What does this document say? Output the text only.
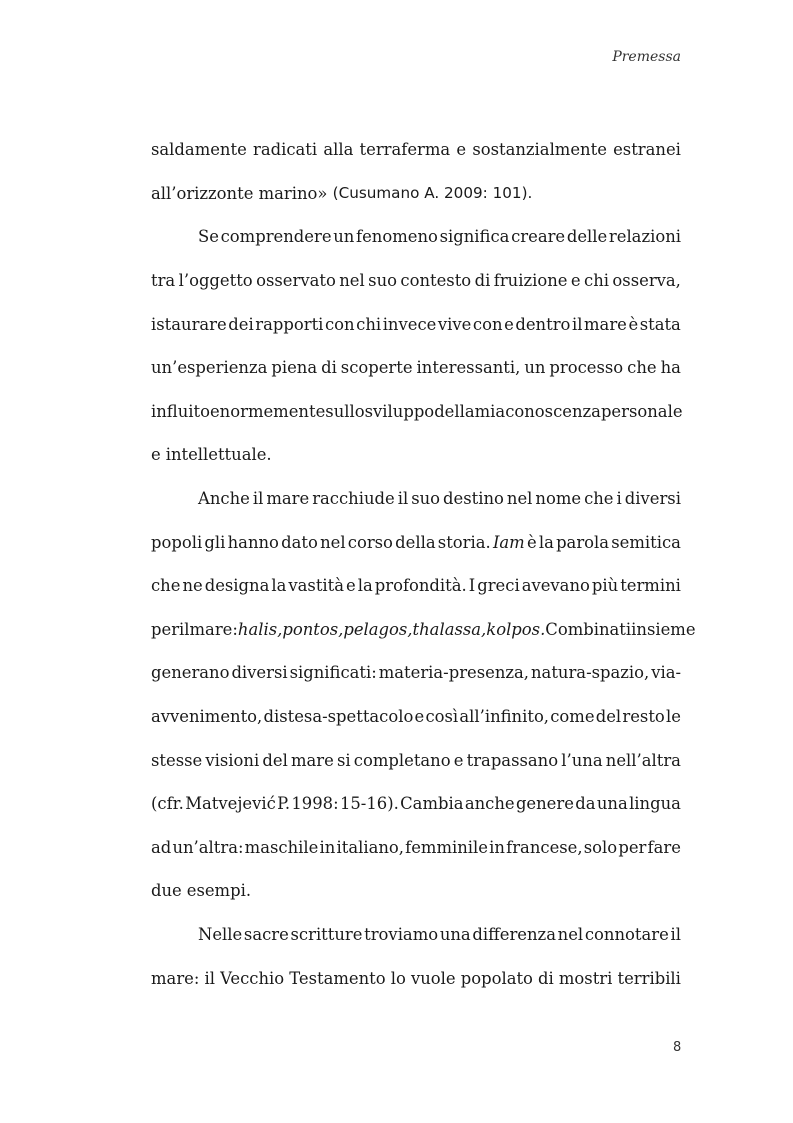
Premessa
saldamente radicati alla terraferma e sostanzialmente estranei
all’orizzonte marino» (Cusumano A. 2009: 101).
Se comprendere un fenomeno significa creare delle relazioni
tra l’oggetto osservato nel suo contesto di fruizione e chi osserva,
istaurare dei rapporti con chi invece vive con e dentro il mare è stata
un’esperienza piena di scoperte interessanti, un processo che ha
influito enormemente sullo sviluppo della mia conoscenza personale
e intellettuale.
Anche il mare racchiude il suo destino nel nome che i diversi
popoli gli hanno dato nel corso della storia. Iam è la parola semitica
che ne designa la vastità e la profondità. I greci avevano più termini
per il mare: halis, pontos, pelagos, thalassa, kolpos. Combinati insieme
generano diversi significati: materia-presenza, natura-spazio, via-
avvenimento, distesa-spettacolo e così all’infinito, come del resto le
stesse visioni del mare si completano e trapassano l’una nell’altra
(cfr. Matvejević P. 1998: 15-16). Cambia anche genere da una lingua
ad un’altra: maschile in italiano, femminile in francese, solo per fare
due esempi.
Nelle sacre scritture troviamo una differenza nel connotare il
mare: il Vecchio Testamento lo vuole popolato di mostri terribili
8
